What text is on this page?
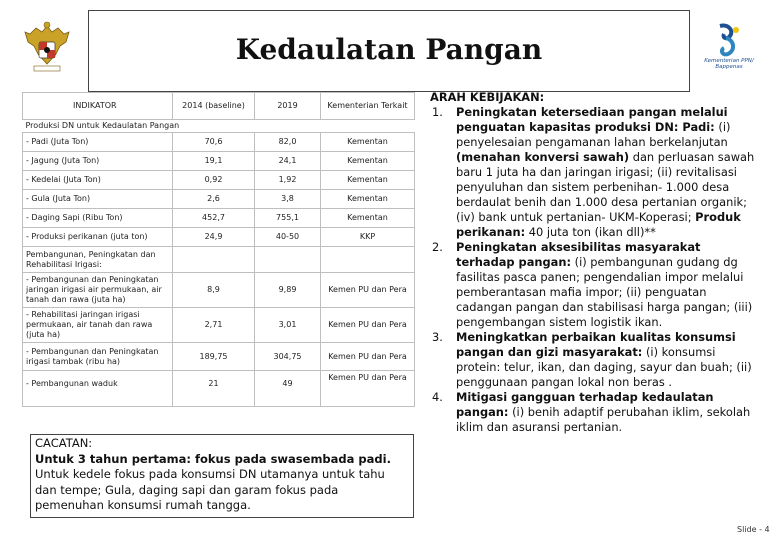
Kedaulatan Pangan	Kementerian PPN/ Bappenas
INDIKATOR	2014 (baseline)	2019	Kementerian Terkait
Produksi DN untuk Kedaulatan Pangan			
- Padi (Juta Ton)	70,6	82,0	Kementan
- Jagung (Juta Ton)	19,1	24,1	Kementan
- Kedelai (Juta Ton)	0,92	1,92	Kementan
- Gula (Juta Ton)	2,6	3,8	Kementan
- Daging Sapi (Ribu Ton)	452,7	755,1	Kementan
- Produksi perikanan (juta ton)	24,9	40-50	KKP
Pembangunan, Peningkatan dan Rehabilitasi Irigasi:			
- Pembangunan dan Peningkatan jaringan irigasi air permukaan, air tanah dan rawa (juta ha)	8,9	9,89	Kemen PU dan Pera
- Rehabilitasi jaringan irigasi permukaan, air tanah dan rawa (juta ha)	2,71	3,01	Kemen PU dan Pera
- Pembangunan dan Peningkatan irigasi tambak (ribu ha)	189,75	304,75	Kemen PU dan Pera
- Pembangunan waduk	21	49	Kemen PU dan Pera
CACATAN:
Untuk 3 tahun pertama: fokus pada swasembada padi. Untuk kedele fokus pada konsumsi DN utamanya untuk tahu dan tempe; Gula, daging sapi dan garam fokus pada pemenuhan konsumsi rumah tangga.
ARAH KEBIJAKAN:
1. Peningkatan ketersediaan pangan melalui penguatan kapasitas produksi DN: Padi: (i) penyelesaian pengamanan lahan berkelanjutan (menahan konversi sawah) dan perluasan sawah baru 1 juta ha dan jaringan irigasi; (ii) revitalisasi penyuluhan dan sistem perbenihan- 1.000 desa berdaulat benih dan 1.000 desa pertanian organik; (iv) bank untuk pertanian- UKM-Koperasi; Produk perikanan: 40 juta ton (ikan dll)**
2. Peningkatan aksesibilitas masyarakat terhadap pangan: (i) pembangunan gudang dg fasilitas pasca panen; pengendalian impor melalui pemberantasan mafia impor; (ii) penguatan cadangan pangan dan stabilisasi harga pangan; (iii) pengembangan sistem logistik ikan.
3. Meningkatkan perbaikan kualitas konsumsi pangan dan gizi masyarakat: (i) konsumsi protein: telur, ikan, dan daging, sayur dan buah; (ii) penggunaan pangan lokal non beras .
4. Mitigasi gangguan terhadap kedaulatan pangan: (i) benih adaptif perubahan iklim, sekolah iklim dan asuransi pertanian.
Slide - 4
